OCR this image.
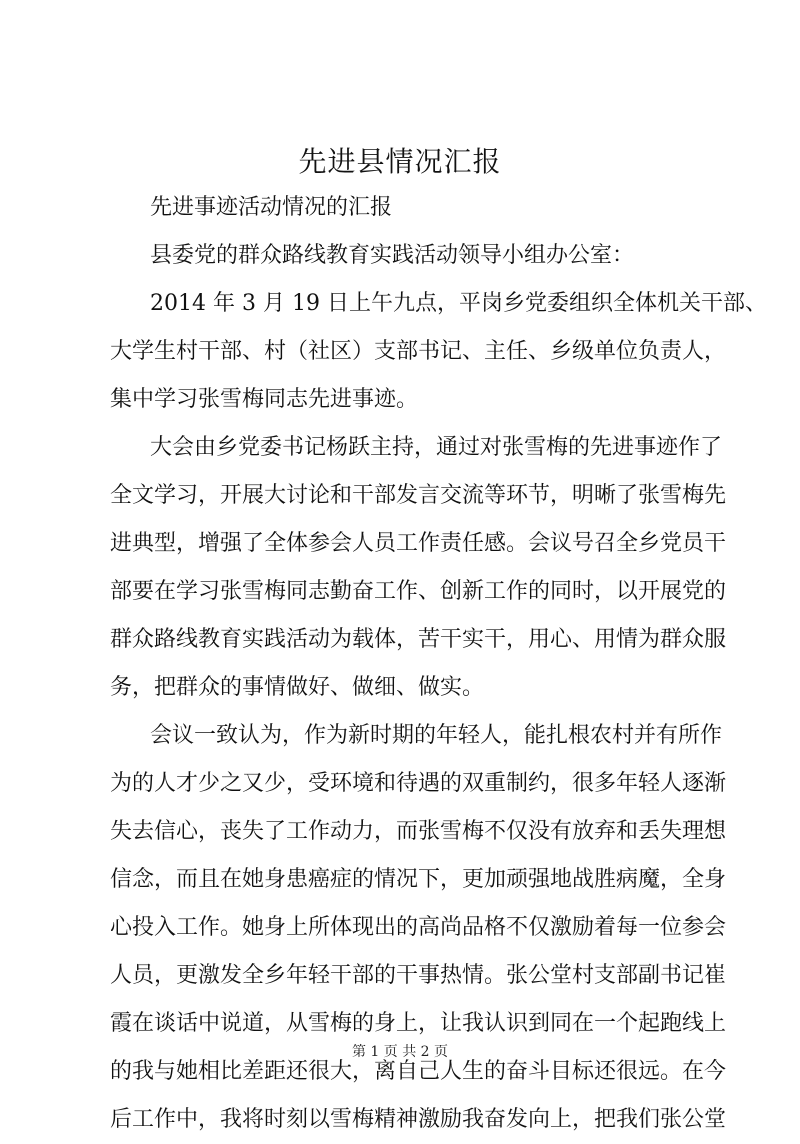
先进县情况汇报
先进事迹活动情况的汇报
县委党的群众路线教育实践活动领导小组办公室：
2014 年 3 月 19 日上午九点，平岗乡党委组织全体机关干部、
大学生村干部、村（社区）支部书记、主任、乡级单位负责人，
集中学习张雪梅同志先进事迹。
大会由乡党委书记杨跃主持，通过对张雪梅的先进事迹作了
全文学习，开展大讨论和干部发言交流等环节，明晰了张雪梅先
进典型，增强了全体参会人员工作责任感。会议号召全乡党员干
部要在学习张雪梅同志勤奋工作、创新工作的同时，以开展党的
群众路线教育实践活动为载体，苦干实干，用心、用情为群众服
务，把群众的事情做好、做细、做实。
会议一致认为，作为新时期的年轻人，能扎根农村并有所作
为的人才少之又少，受环境和待遇的双重制约，很多年轻人逐渐
失去信心，丧失了工作动力，而张雪梅不仅没有放弃和丢失理想
信念，而且在她身患癌症的情况下，更加顽强地战胜病魔，全身
心投入工作。她身上所体现出的高尚品格不仅激励着每一位参会
人员，更激发全乡年轻干部的干事热情。张公堂村支部副书记崔
霞在谈话中说道，从雪梅的身上，让我认识到同在一个起跑线上
的我与她相比差距还很大，离自己人生的奋斗目标还很远。在今
后工作中，我将时刻以雪梅精神激励我奋发向上，把我们张公堂
第 1 页 共 2 页
